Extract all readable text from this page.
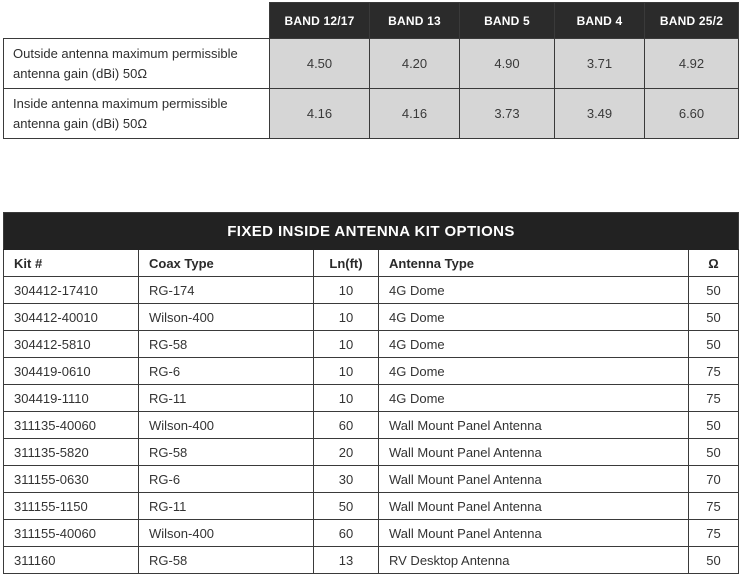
	BAND 12/17	BAND 13	BAND 5	BAND 4	BAND 25/2
Outside antenna maximum permissible antenna gain (dBi) 50Ω	4.50	4.20	4.90	3.71	4.92
Inside antenna maximum permissible antenna gain (dBi) 50Ω	4.16	4.16	3.73	3.49	6.60
FIXED INSIDE ANTENNA KIT OPTIONS				
Kit #	Coax Type	Ln(ft)	Antenna Type	Ω
304412-17410	RG-174	10	4G Dome	50
304412-40010	Wilson-400	10	4G Dome	50
304412-5810	RG-58	10	4G Dome	50
304419-0610	RG-6	10	4G Dome	75
304419-1110	RG-11	10	4G Dome	75
311135-40060	Wilson-400	60	Wall Mount Panel Antenna	50
311135-5820	RG-58	20	Wall Mount Panel Antenna	50
311155-0630	RG-6	30	Wall Mount Panel Antenna	70
311155-1150	RG-11	50	Wall Mount Panel Antenna	75
311155-40060	Wilson-400	60	Wall Mount Panel Antenna	75
311160	RG-58	13	RV Desktop Antenna	50
